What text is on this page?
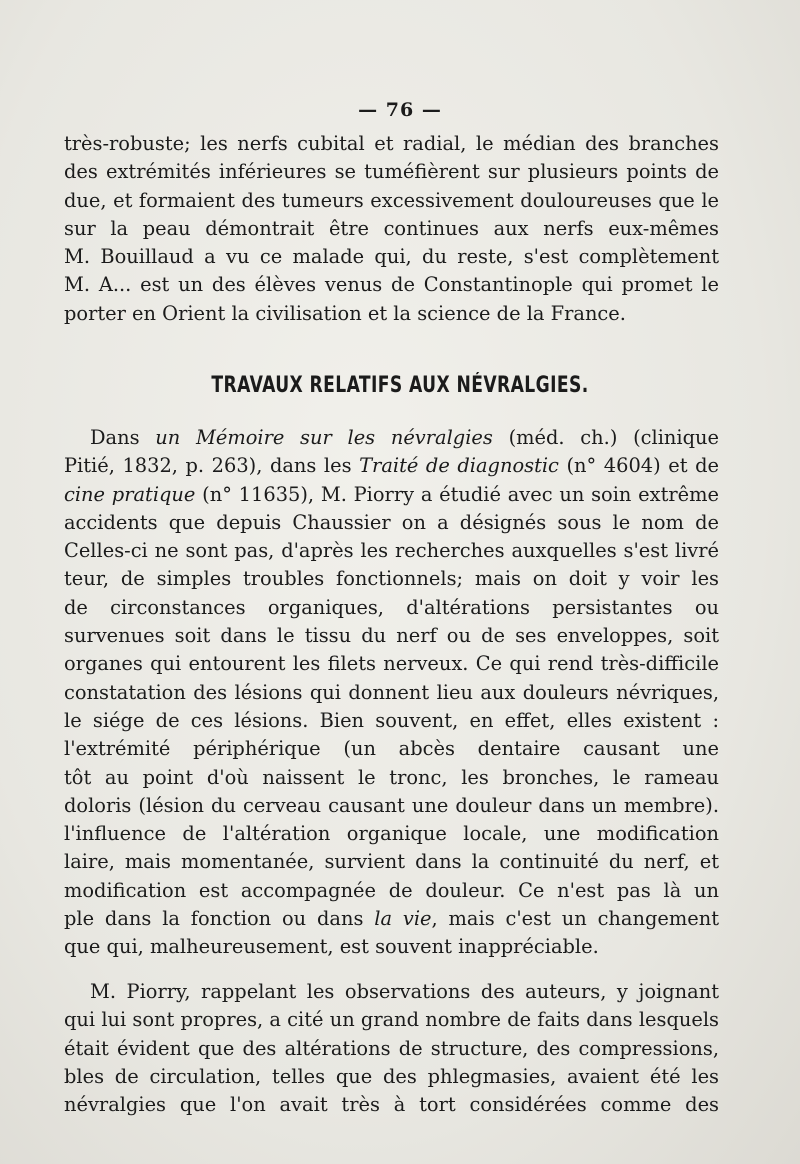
— 76 —
très-robuste; les nerfs cubital et radial, le médian des branches
des extrémités inférieures se tuméfièrent sur plusieurs points de
due, et formaient des tumeurs excessivement douloureuses que le
sur la peau démontrait être continues aux nerfs eux-mêmes
M. Bouillaud a vu ce malade qui, du reste, s'est complètement
M. A... est un des élèves venus de Constantinople qui promet le
porter en Orient la civilisation et la science de la France.
TRAVAUX RELATIFS AUX NÉVRALGIES.
Dans un Mémoire sur les névralgies (méd. ch.) (clinique
Pitié, 1832, p. 263), dans les Traité de diagnostic (n° 4604) et de
cine pratique (n° 11635), M. Piorry a étudié avec un soin extrême
accidents que depuis Chaussier on a désignés sous le nom de
Celles-ci ne sont pas, d'après les recherches auxquelles s'est livré
teur, de simples troubles fonctionnels; mais on doit y voir les
de circonstances organiques, d'altérations persistantes ou
survenues soit dans le tissu du nerf ou de ses enveloppes, soit
organes qui entourent les filets nerveux. Ce qui rend très-difficile
constatation des lésions qui donnent lieu aux douleurs névriques,
le siége de ces lésions. Bien souvent, en effet, elles existent :
l'extrémité périphérique (un abcès dentaire causant une
tôt au point d'où naissent le tronc, les bronches, le rameau
doloris (lésion du cerveau causant une douleur dans un membre).
l'influence de l'altération organique locale, une modification
laire, mais momentanée, survient dans la continuité du nerf, et
modification est accompagnée de douleur. Ce n'est pas là un
ple dans la fonction ou dans la vie, mais c'est un changement
que qui, malheureusement, est souvent inappréciable.
M. Piorry, rappelant les observations des auteurs, y joignant
qui lui sont propres, a cité un grand nombre de faits dans lesquels
était évident que des altérations de structure, des compressions,
bles de circulation, telles que des phlegmasies, avaient été les
névralgies que l'on avait très à tort considérées comme des
